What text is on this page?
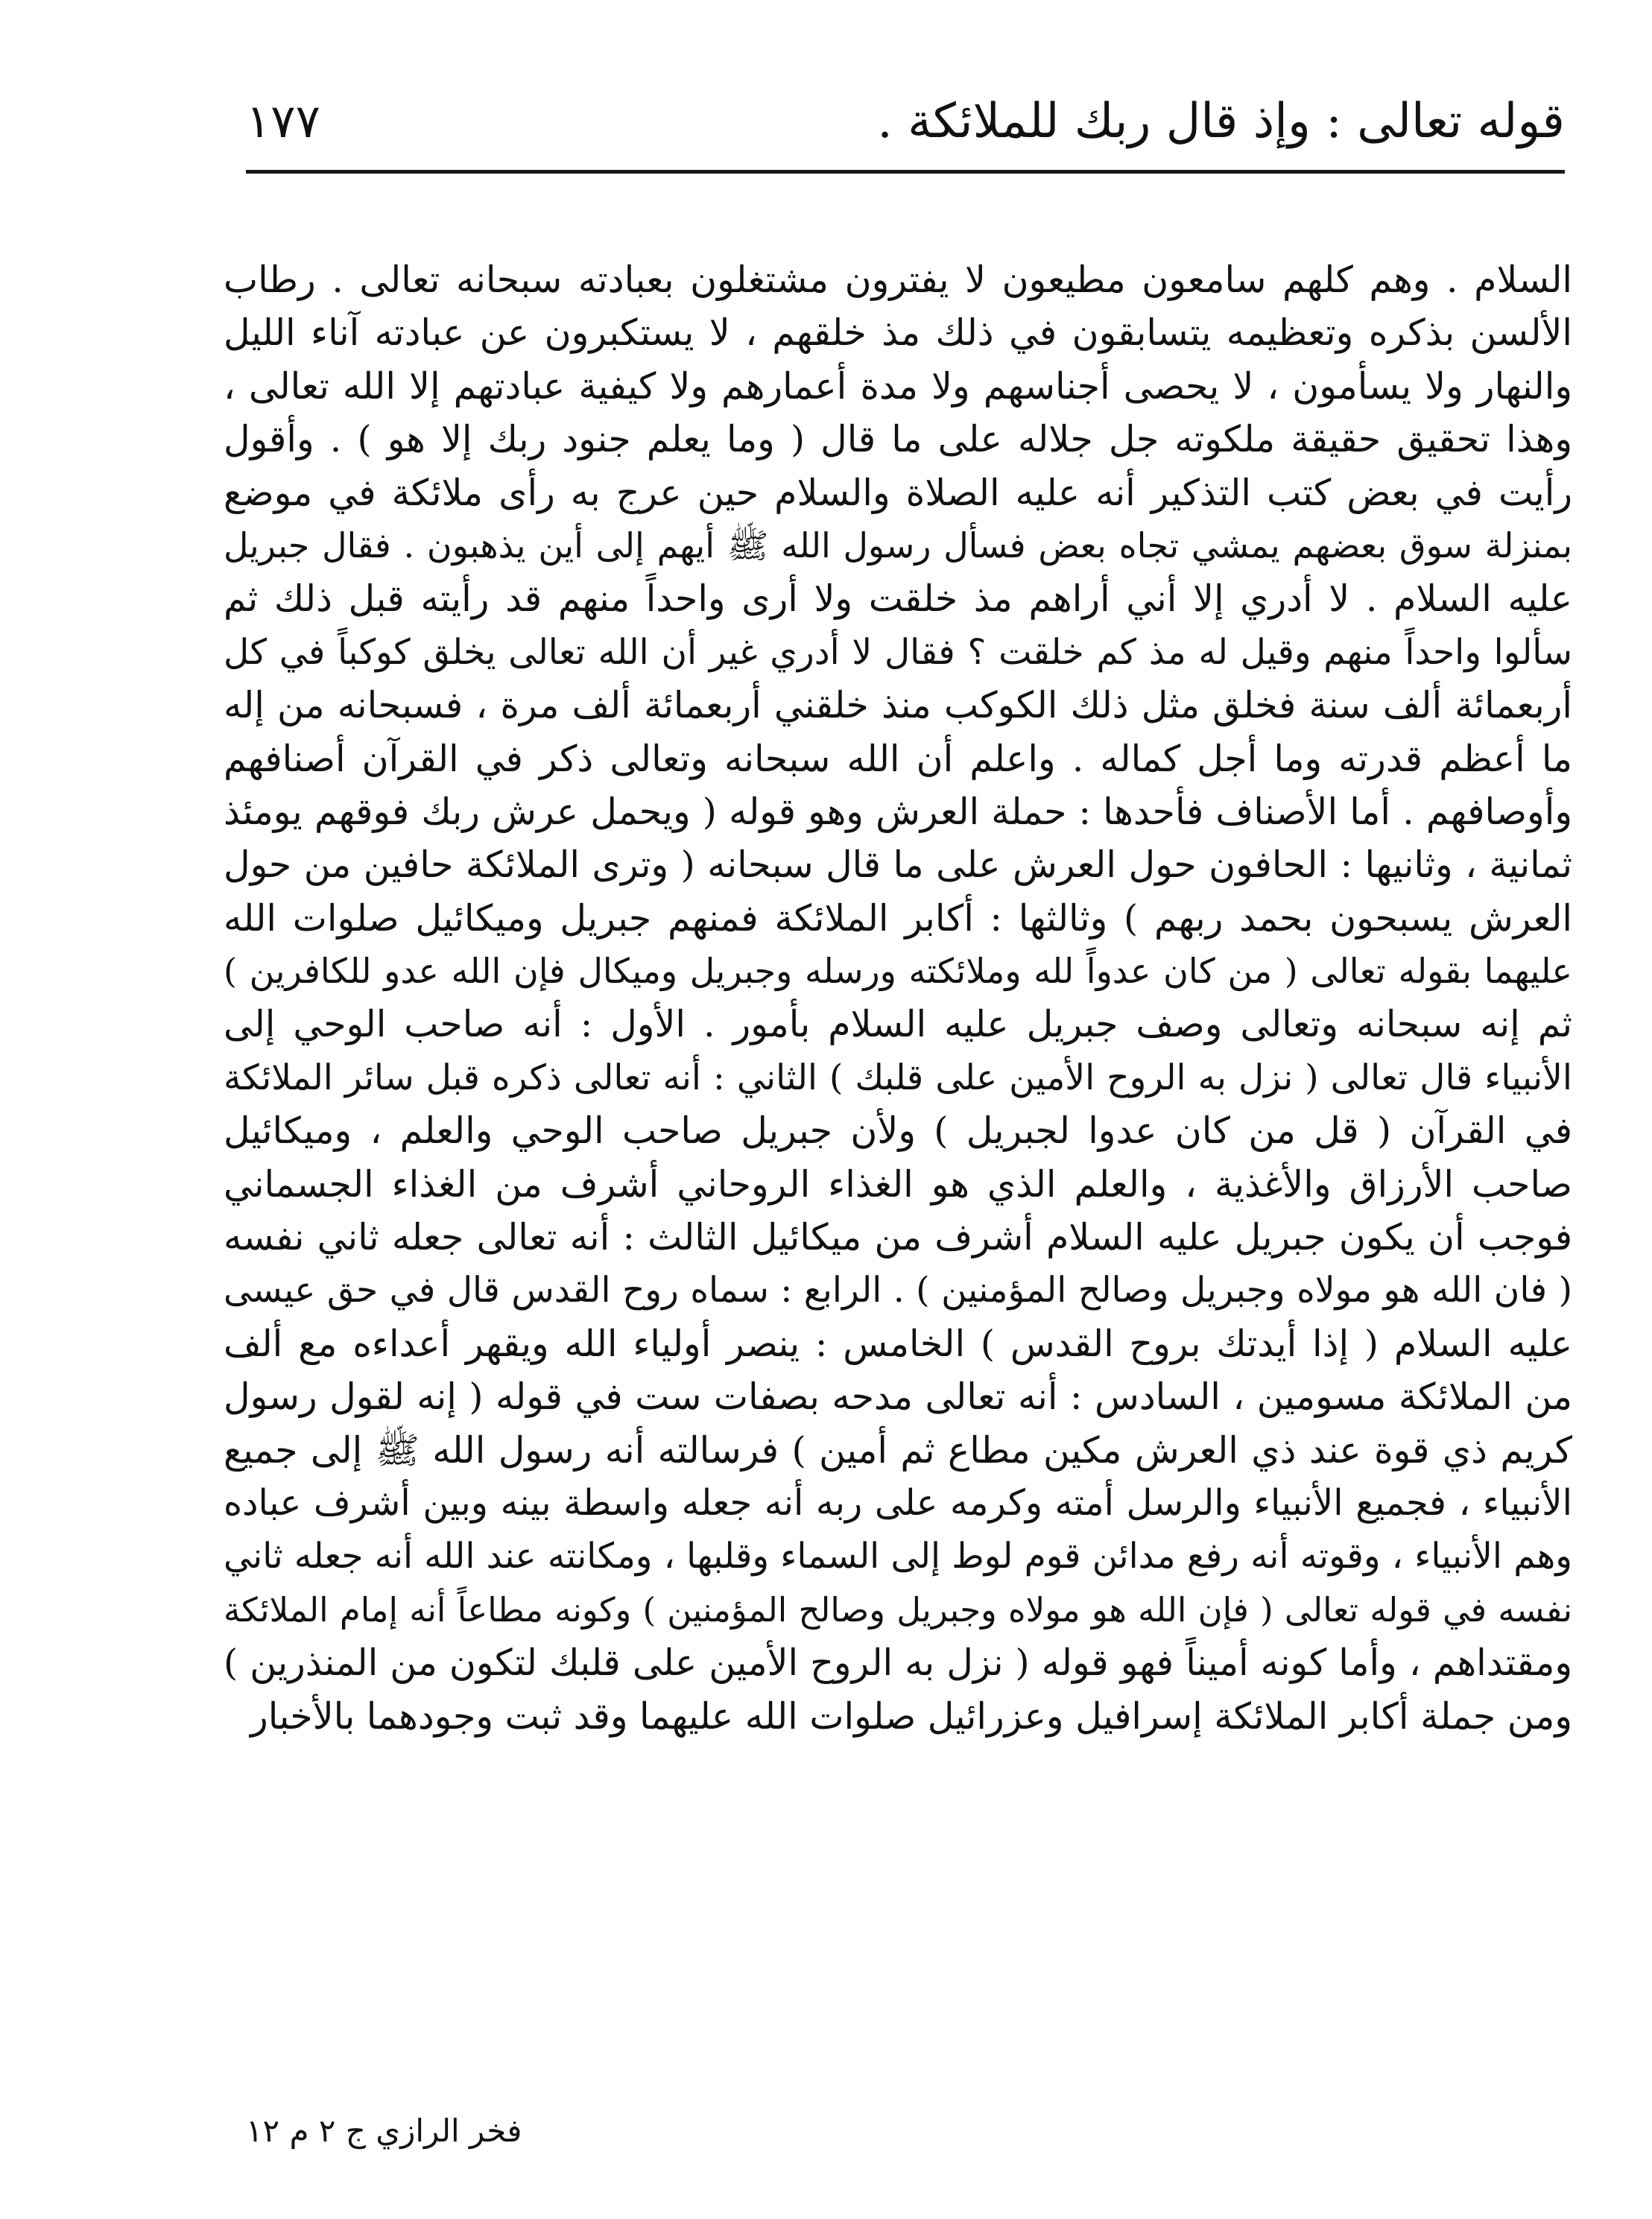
قوله تعالى : وإذ قال ربك للملائكة .
١٧٧
السلام . وهم كلهم سامعون مطيعون لا يفترون مشتغلون بعبادته سبحانه تعالى . رطاب
الألسن بذكره وتعظيمه يتسابقون في ذلك مذ خلقهم ، لا يستكبرون عن عبادته آناء الليل
والنهار ولا يسأمون ، لا يحصى أجناسهم ولا مدة أعمارهم ولا كيفية عبادتهم إلا الله تعالى ،
وهذا تحقيق حقيقة ملكوته جل جلاله على ما قال ( وما يعلم جنود ربك إلا هو ) . وأقول
رأيت في بعض كتب التذكير أنه عليه الصلاة والسلام حين عرج به رأى ملائكة في موضع
بمنزلة سوق بعضهم يمشي تجاه بعض فسأل رسول الله ﷺ أيهم إلى أين يذهبون . فقال جبريل
عليه السلام . لا أدري إلا أني أراهم مذ خلقت ولا أرى واحداً منهم قد رأيته قبل ذلك ثم
سألوا واحداً منهم وقيل له مذ كم خلقت ؟ فقال لا أدري غير أن الله تعالى يخلق كوكباً في كل
أربعمائة ألف سنة فخلق مثل ذلك الكوكب منذ خلقني أربعمائة ألف مرة ، فسبحانه من إله
ما أعظم قدرته وما أجل كماله . واعلم أن الله سبحانه وتعالى ذكر في القرآن أصنافهم
وأوصافهم . أما الأصناف فأحدها : حملة العرش وهو قوله ( ويحمل عرش ربك فوقهم يومئذ
ثمانية ، وثانيها : الحافون حول العرش على ما قال سبحانه ( وترى الملائكة حافين من حول
العرش يسبحون بحمد ربهم ) وثالثها : أكابر الملائكة فمنهم جبريل وميكائيل صلوات الله
عليهما بقوله تعالى ( من كان عدواً لله وملائكته ورسله وجبريل وميكال فإن الله عدو للكافرين )
ثم إنه سبحانه وتعالى وصف جبريل عليه السلام بأمور . الأول : أنه صاحب الوحي إلى
الأنبياء قال تعالى ( نزل به الروح الأمين على قلبك ) الثاني : أنه تعالى ذكره قبل سائر الملائكة
في القرآن ( قل من كان عدوا لجبريل ) ولأن جبريل صاحب الوحي والعلم ، وميكائيل
صاحب الأرزاق والأغذية ، والعلم الذي هو الغذاء الروحاني أشرف من الغذاء الجسماني
فوجب أن يكون جبريل عليه السلام أشرف من ميكائيل الثالث : أنه تعالى جعله ثاني نفسه
( فان الله هو مولاه وجبريل وصالح المؤمنين ) . الرابع : سماه روح القدس قال في حق عيسى
عليه السلام ( إذا أيدتك بروح القدس ) الخامس : ينصر أولياء الله ويقهر أعداءه مع ألف
من الملائكة مسومين ، السادس : أنه تعالى مدحه بصفات ست في قوله ( إنه لقول رسول
كريم ذي قوة عند ذي العرش مكين مطاع ثم أمين ) فرسالته أنه رسول الله ﷺ إلى جميع
الأنبياء ، فجميع الأنبياء والرسل أمته وكرمه على ربه أنه جعله واسطة بينه وبين أشرف عباده
وهم الأنبياء ، وقوته أنه رفع مدائن قوم لوط إلى السماء وقلبها ، ومكانته عند الله أنه جعله ثاني
نفسه في قوله تعالى ( فإن الله هو مولاه وجبريل وصالح المؤمنين ) وكونه مطاعاً أنه إمام الملائكة
ومقتداهم ، وأما كونه أميناً فهو قوله ( نزل به الروح الأمين على قلبك لتكون من المنذرين )
ومن جملة أكابر الملائكة إسرافيل وعزرائيل صلوات الله عليهما وقد ثبت وجودهما بالأخبار
فخر الرازي ج ٢ م ١٢
